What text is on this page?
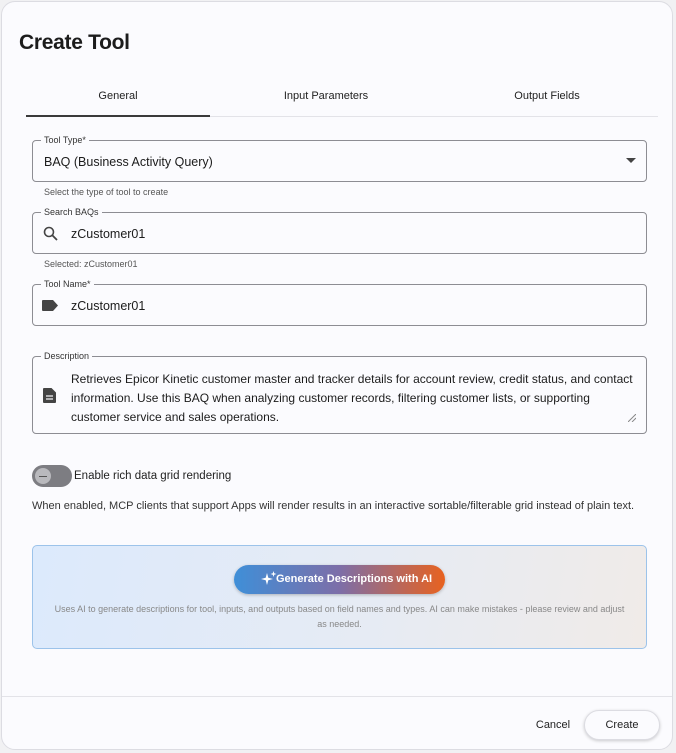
Create Tool
General	Input Parameters	Output Fields
Tool Type*
BAQ (Business Activity Query)
Select the type of tool to create
Search BAQs
zCustomer01
Selected: zCustomer01
Tool Name*
zCustomer01
Description
Retrieves Epicor Kinetic customer master and tracker details for account review, credit status, and contact information. Use this BAQ when analyzing customer records, filtering customer lists, or supporting customer service and sales operations.
Enable rich data grid rendering
When enabled, MCP clients that support Apps will render results in an interactive sortable/filterable grid instead of plain text.
Generate Descriptions with AI
Uses AI to generate descriptions for tool, inputs, and outputs based on field names and types. AI can make mistakes - please review and adjust as needed.
Cancel	Create
